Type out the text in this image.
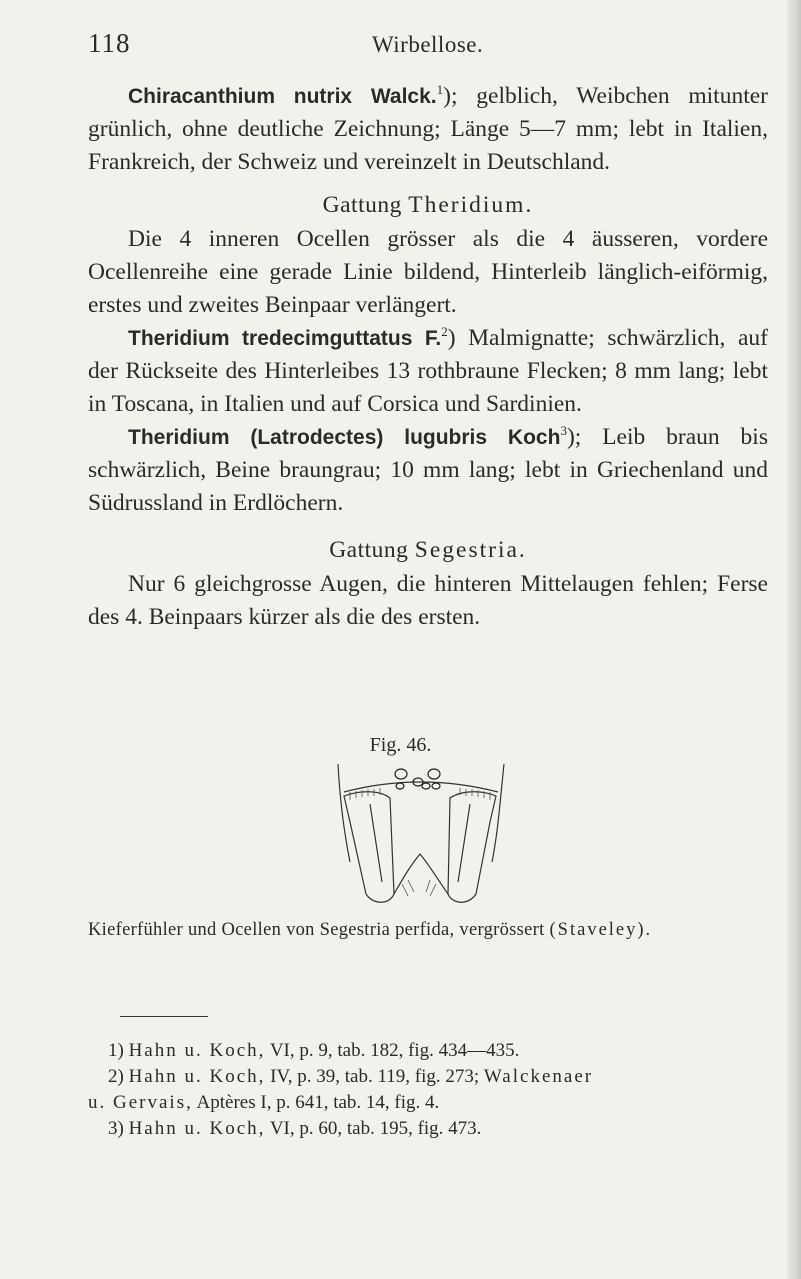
118	Wirbellose.

Chiracanthium nutrix Walck.$^1$); gelblich, Weibchen mitunter grünlich, ohne deutliche Zeichnung; Länge 5—7 mm; lebt in Italien, Frankreich, der Schweiz und vereinzelt in Deutschland.

Gattung Theridium.

Die 4 inneren Ocellen grösser als die 4 äusseren, vordere Ocellenreihe eine gerade Linie bildend, Hinterleib länglich-eiförmig, erstes und zweites Beinpaar verlängert.

Theridium tredecimguttatus F.$^2$) Malmignatte; schwärzlich, auf der Rückseite des Hinterleibes 13 rothbraune Flecken; 8 mm lang; lebt in Toscana, in Italien und auf Corsica und Sardinien.

Theridium (Latrodectes) lugubris Koch$^3$); Leib braun bis schwärzlich, Beine braungrau; 10 mm lang; lebt in Griechenland und Südrussland in Erdlöchern.

Gattung Segestria.

Nur 6 gleichgrosse Augen, die hinteren Mittelaugen fehlen; Ferse des 4. Beinpaars kürzer als die des ersten.

Fig. 46.
Kieferfühler und Ocellen von Segestria perfida, vergrössert (Staveley).

1) Hahn u. Koch, VI, p. 9, tab. 182, fig. 434—435.

2) Hahn u. Koch, IV, p. 39, tab. 119, fig. 273; Walckenaer

u. Gervais, Aptères I, p. 641, tab. 14, fig. 4.

3) Hahn u. Koch, VI, p. 60, tab. 195, fig. 473.
